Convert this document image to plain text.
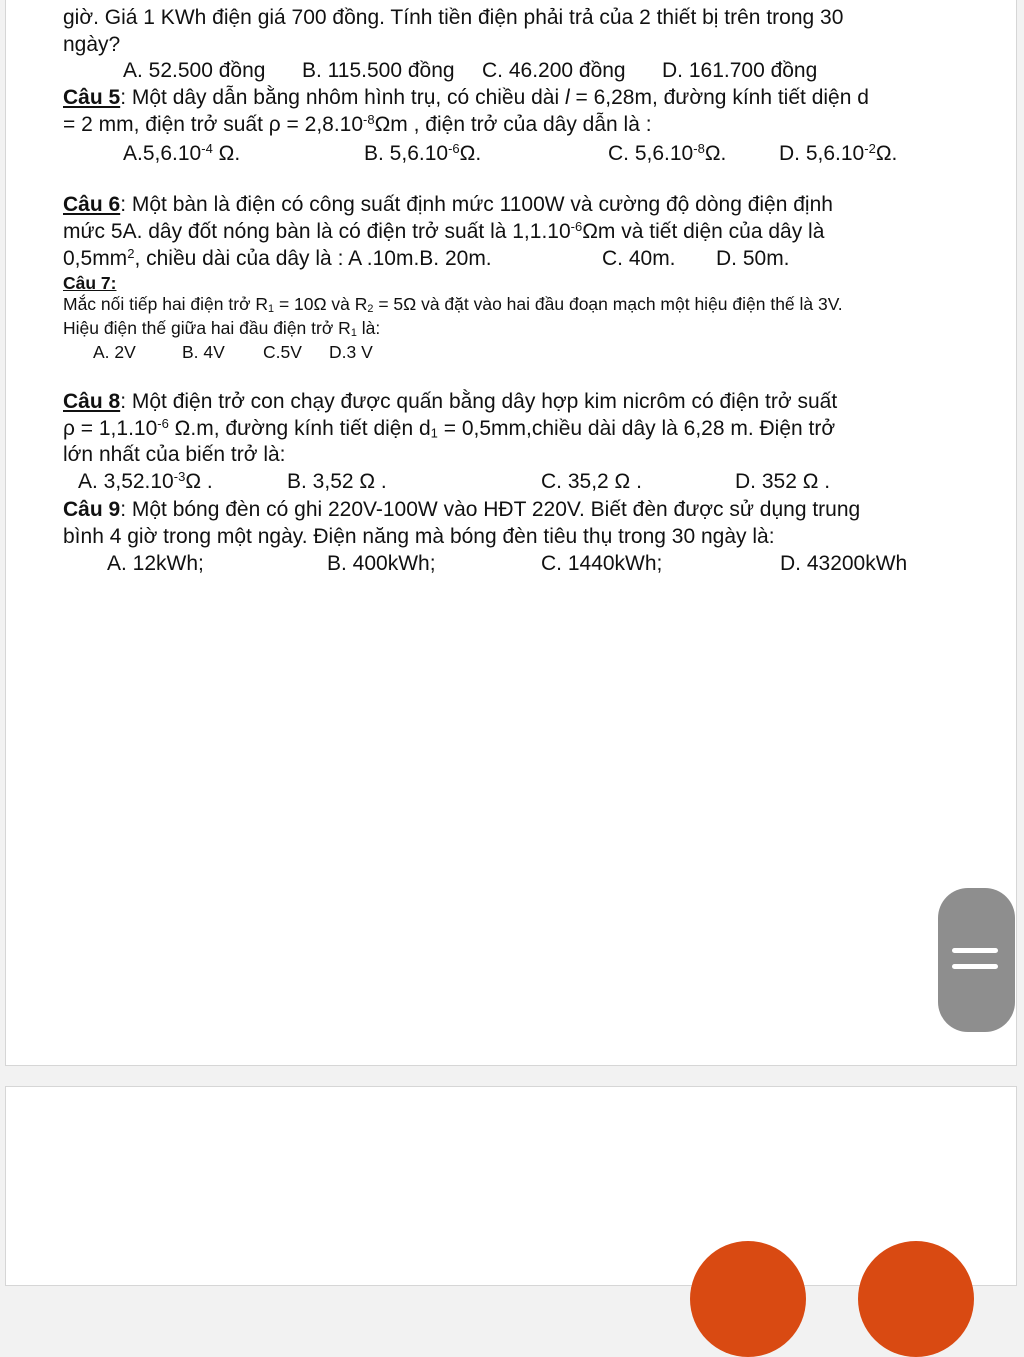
giờ. Giá 1 KWh điện giá 700 đồng. Tính tiền điện phải trả của 2 thiết bị trên trong 30
ngày?
A. 52.500 đồng B. 115.500 đồng C. 46.200 đồng D. 161.700 đồng
Câu 5: Một dây dẫn bằng nhôm hình trụ, có chiều dài l = 6,28m, đường kính tiết diện d
= 2 mm, điện trở suất $\rho = 2,8.10^{-8}\Omega m$ , điện trở của dây dẫn là :
$A.5,6.10^{-4}$ Ω.	B. $5,6.10^{-6}\Omega$.	C. $5,6.10^{-8}\Omega$.	D. $5,6.10^{-2}\Omega$.
Câu 6: Một bàn là điện có công suất định mức 1100W và cường độ dòng điện định
mức 5A. dây đốt nóng bàn là có điện trở suất là $1,1.10^{-6}\Omega m$ và tiết diện của dây là
$0,5mm^2$, chiều dài của dây là : A .10m.B. 20m.	C. 40m. D. 50m.
Câu 7:
Mắc nối tiếp hai điện trở $R_1 = 10\Omega$ và $R_2 = 5\Omega$ và đặt vào hai đầu đoạn mạch một hiệu điện thế là 3V.
Hiệu điện thế giữa hai đầu điện trở $R_1$ là:
A. 2V	B. 4V C.5V D.3 V
Câu 8: Một điện trở con chạy được quấn bằng dây hợp kim nicrôm có điện trở suất
$\rho = 1,1.10^{-6}$ Ω.m, đường kính tiết diện $d_1$ = 0,5mm,chiều dài dây là 6,28 m. Điện trở
lớn nhất của biến trở là:
A. $3,52.10^{-3}\Omega$ .	B. 3,52 Ω .	C. 35,2 Ω .	D. 352 Ω .
Câu 9: Một bóng đèn có ghi 220V-100W vào HĐT 220V. Biết đèn được sử dụng trung
bình 4 giờ trong một ngày. Điện năng mà bóng đèn tiêu thụ trong 30 ngày là:
A. 12kWh;	B. 400kWh;	C. 1440kWh;	D. 43200kWh
